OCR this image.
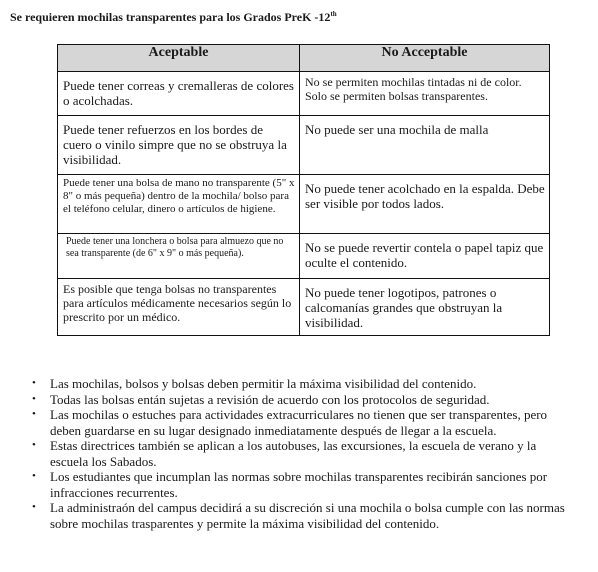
Se requieren mochilas transparentes para los Grados PreK -12th
Aceptable	No Acceptable
Puede tener correas y cremalleras de colores o acolchadas.	No se permiten mochilas tintadas ni de color. Solo se permiten bolsas transparentes.
Puede tener refuerzos en los bordes de cuero o vinilo simpre que no se obstruya la visibilidad.	No puede ser una mochila de malla
Puede tener una bolsa de mano no transparente (5" x 8" o más pequeña) dentro de la mochila/ bolso para el teléfono celular, dinero o artículos de higiene.	No puede tener acolchado en la espalda. Debe ser visible por todos lados.
Puede tener una lonchera o bolsa para almuezo que no sea transparente (de 6" x 9" o más pequeña).	No se puede revertir contela o papel tapiz que oculte el contenido.
Es posible que tenga bolsas no transparentes para artículos médicamente necesarios según lo prescrito por un médico.	No puede tener logotipos, patrones o calcomanías grandes que obstruyan la visibilidad.
• Las mochilas, bolsos y bolsas deben permitir la máxima visibilidad del contenido.
• Todas las bolsas entán sujetas a revisión de acuerdo con los protocolos de seguridad.
• Las mochilas o estuches para actividades extracurriculares no tienen que ser transparentes, pero deben guardarse en su lugar designado inmediatamente después de llegar a la escuela.
• Estas directrices también se aplican a los autobuses, las excursiones, la escuela de verano y la escuela los Sabados.
• Los estudiantes que incumplan las normas sobre mochilas transparentes recibirán sanciones por infracciones recurrentes.
• La administraón del campus decidirá a su discreción si una mochila o bolsa cumple con las normas sobre mochilas trasparentes y permite la máxima visibilidad del contenido.
